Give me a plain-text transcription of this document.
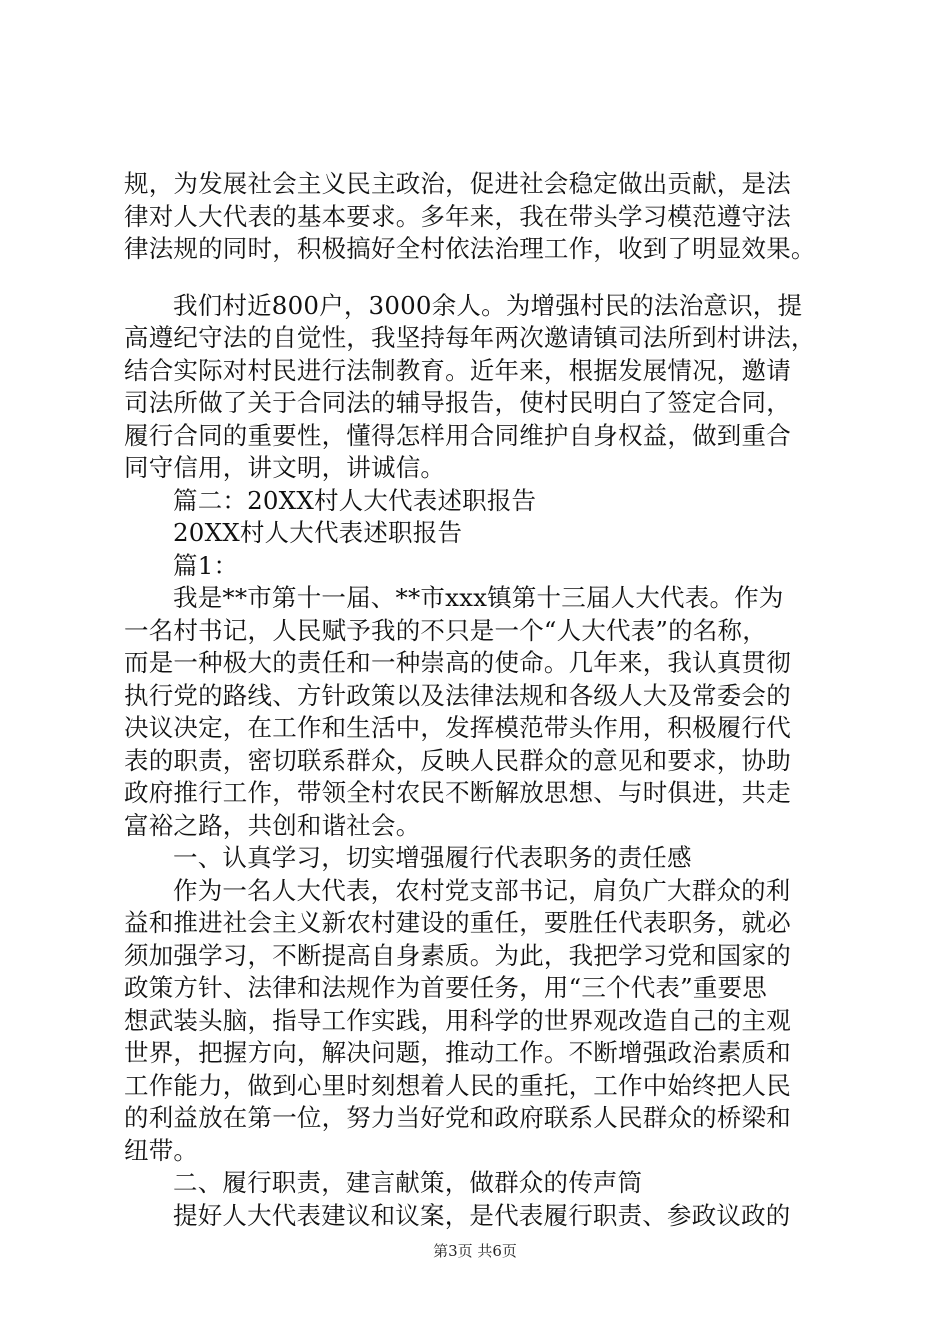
规，为发展社会主义民主政治，促进社会稳定做出贡献，是法
律对人大代表的基本要求。多年来，我在带头学习模范遵守法
律法规的同时，积极搞好全村依法治理工作，收到了明显效果。
我们村近800户，3000余人。为增强村民的法治意识，提
高遵纪守法的自觉性，我坚持每年两次邀请镇司法所到村讲法，
结合实际对村民进行法制教育。近年来，根据发展情况，邀请
司法所做了关于合同法的辅导报告，使村民明白了签定合同，
履行合同的重要性，懂得怎样用合同维护自身权益，做到重合
同守信用，讲文明，讲诚信。
篇二：20XX村人大代表述职报告
20XX村人大代表述职报告
篇1：
我是**市第十一届、**市xxx镇第十三届人大代表。作为
一名村书记，人民赋予我的不只是一个“人大代表”的名称，
而是一种极大的责任和一种崇高的使命。几年来，我认真贯彻
执行党的路线、方针政策以及法律法规和各级人大及常委会的
决议决定，在工作和生活中，发挥模范带头作用，积极履行代
表的职责，密切联系群众，反映人民群众的意见和要求，协助
政府推行工作，带领全村农民不断解放思想、与时俱进，共走
富裕之路，共创和谐社会。
一、认真学习，切实增强履行代表职务的责任感
作为一名人大代表，农村党支部书记，肩负广大群众的利
益和推进社会主义新农村建设的重任，要胜任代表职务，就必
须加强学习，不断提高自身素质。为此，我把学习党和国家的
政策方针、法律和法规作为首要任务，用“三个代表”重要思
想武装头脑，指导工作实践，用科学的世界观改造自己的主观
世界，把握方向，解决问题，推动工作。不断增强政治素质和
工作能力，做到心里时刻想着人民的重托，工作中始终把人民
的利益放在第一位，努力当好党和政府联系人民群众的桥梁和
纽带。
二、履行职责，建言献策，做群众的传声筒
提好人大代表建议和议案，是代表履行职责、参政议政的
第3页 共6页
